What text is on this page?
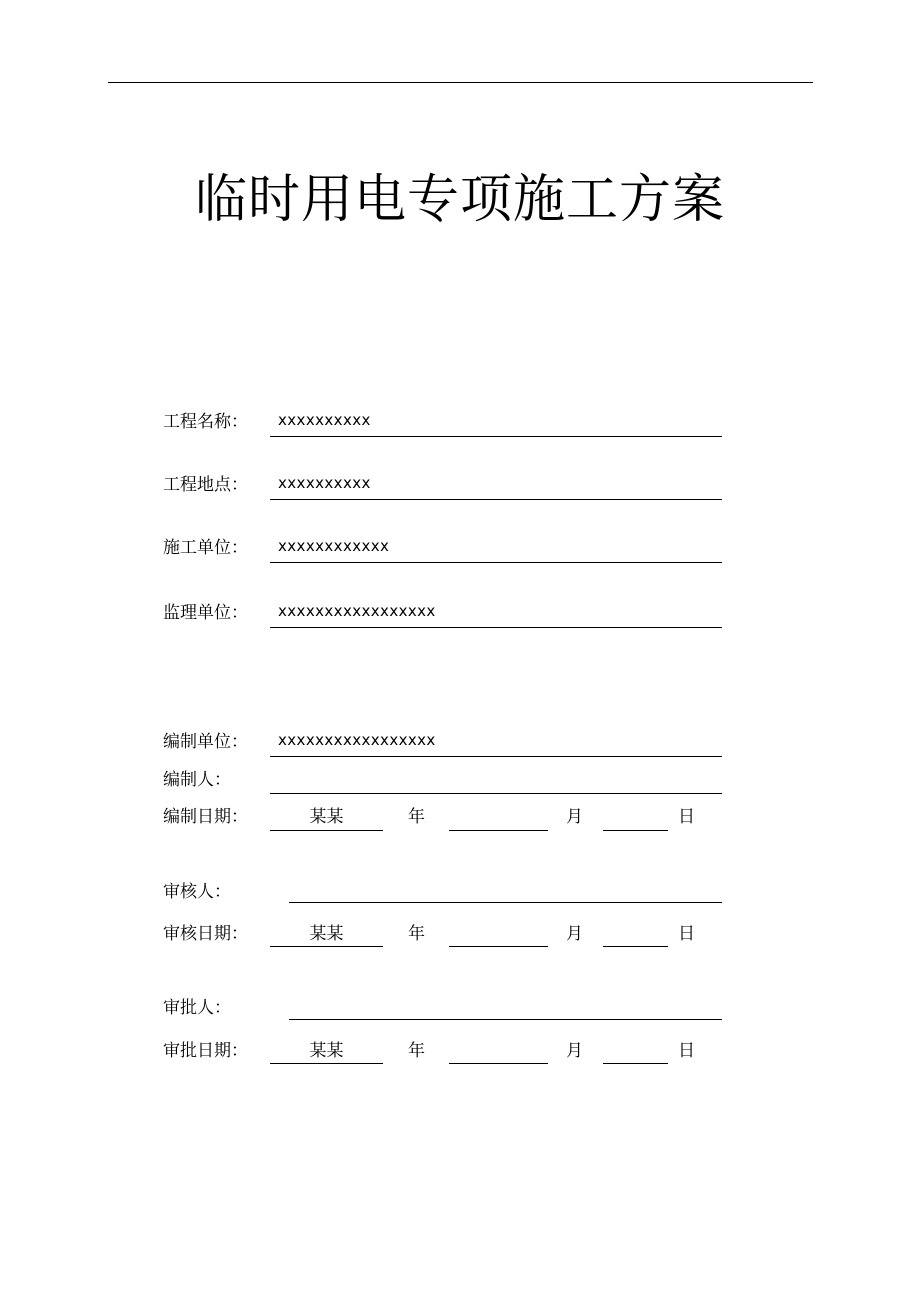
临时用电专项施工方案
工程名称： xxxxxxxxxx
工程地点： xxxxxxxxxx
施工单位： xxxxxxxxxxxx
监理单位： xxxxxxxxxxxxxxxxx
编制单位： xxxxxxxxxxxxxxxxx
编制人：
编制日期：	某某	年	月	日
审核人：
审核日期：	某某	年	月	日
审批人：
审批日期：	某某	年	月	日
